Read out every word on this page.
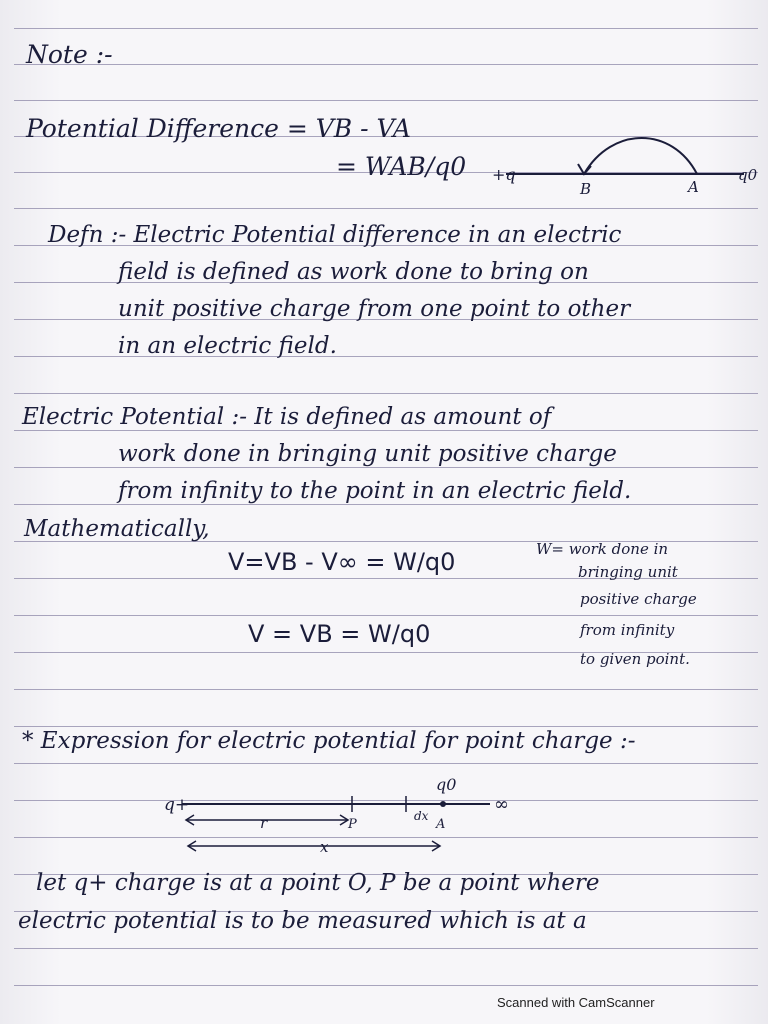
Note :-
Potential Difference = VB - VA
= WAB/q0 +q
B	A
q0
Defn :- Electric Potential difference in an electric
field is defined as work done to bring on
unit positive charge from one point to other
in an electric field.
Electric Potential :- It is defined as amount of
work done in bringing unit positive charge
from infinity to the point in an electric field.
Mathematically,
V=VB - V∞ = W/q0
V = VB = W/q0
W= work done in
bringing unit
positive charge
from infinity
to given point.
* Expression for electric potential for point charge :-
q+
q0
∞
r	P
dx
A
x
let q+ charge is at a point O, P be a point where
electric potential is to be measured which is at a
Scanned with CamScanner
